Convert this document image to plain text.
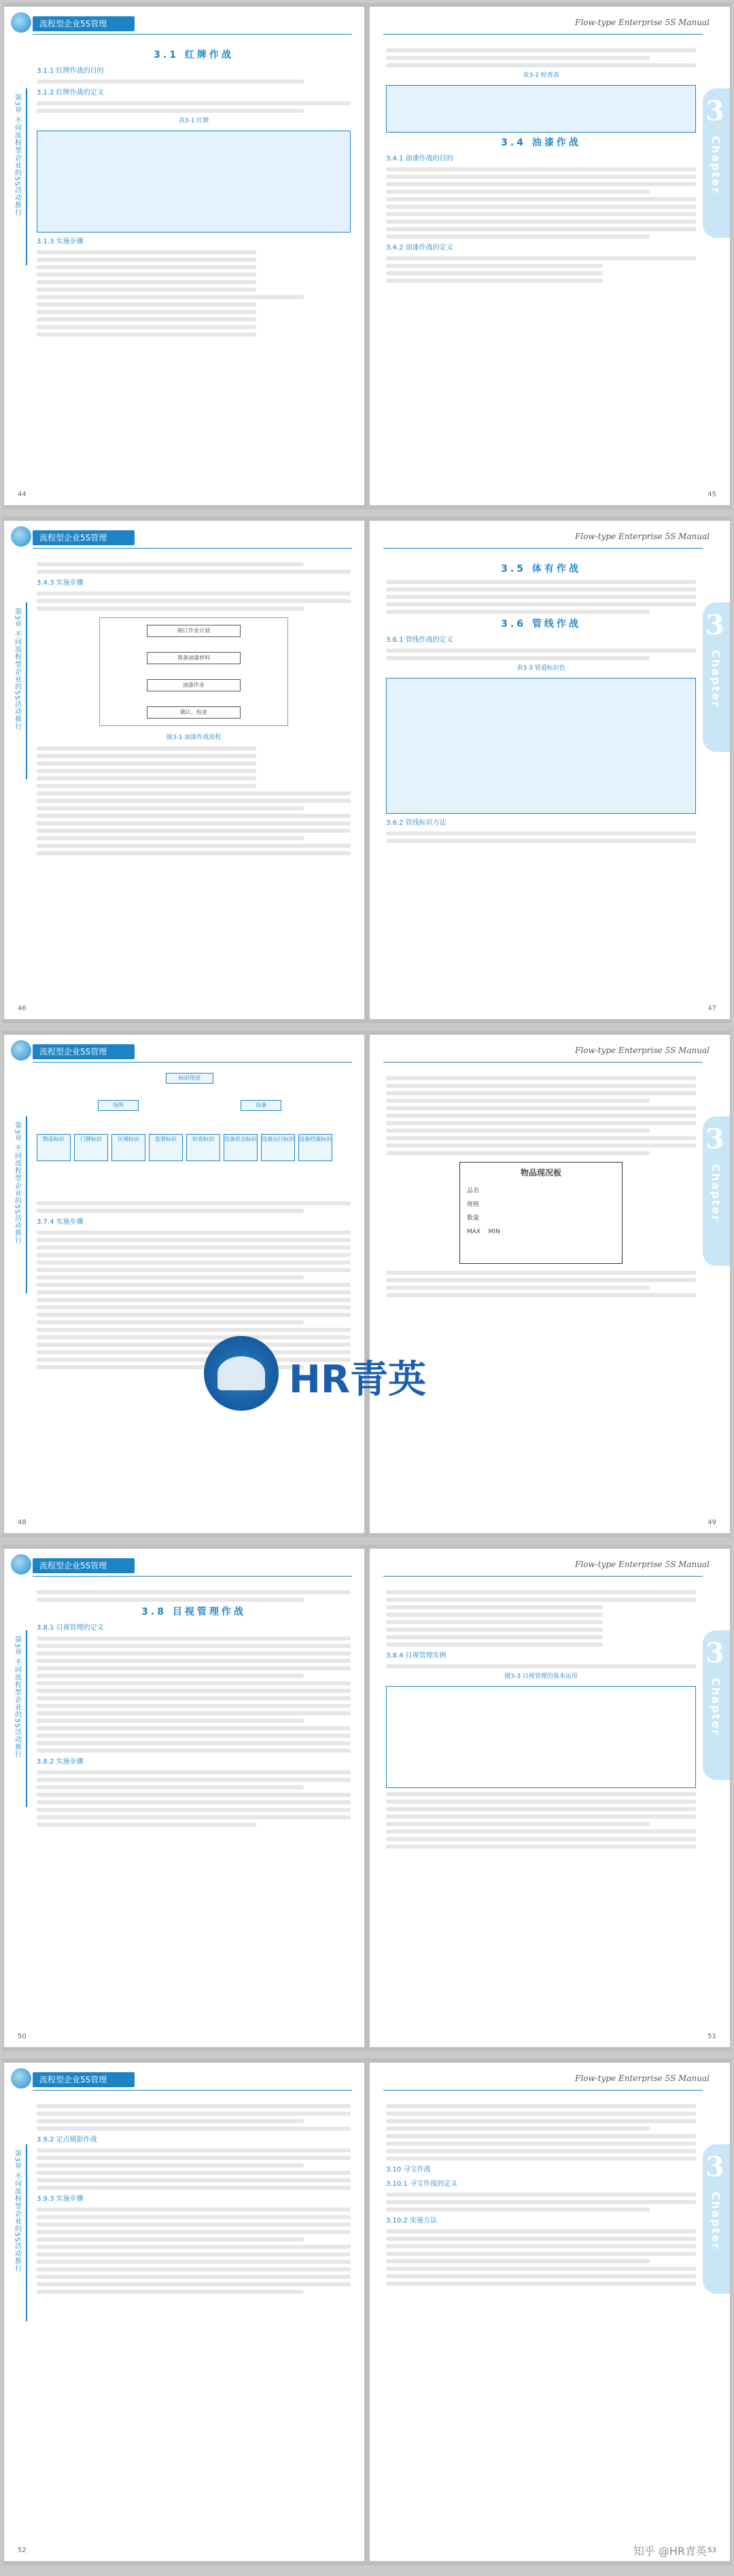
流程型企业5S管理
第3章 不同流程型企业的5S活动推行
3.1 红牌作战
3.1.1 红牌作战的目的
3.1.2 红牌作战的定义
表3-1 红牌
3.1.3 实施步骤
44
Flow-type Enterprise 5S Manual
3
Chapter
表3-2 检查表
3.4 油漆作战
3.4.1 油漆作战的目的
3.4.2 油漆作战的定义
45
流程型企业5S管理
第3章 不同流程型企业的5S活动推行
3.4.3 实施步骤
制订作业计划
准备油漆材料
油漆作业
确认、检查
图3-1 油漆作战流程
46
Flow-type Enterprise 5S Manual
3
Chapter
3.5 体有作战
3.6 管线作战
3.6.1 管线作战的定义
表3-3 管道标识色
3.6.2 管线标识方法
47
流程型企业5S管理
第3章 不同流程型企业的5S活动推行
标识用途
场所	设备
物品标识	门牌标识	区域标识	监督标识	检查标识	设备状态标识 设备运行标识 设备档案标识
3.7.4 实施步骤
48
Flow-type Enterprise 5S Manual
3
Chapter
物品现况板
品名
规格
数量
MAX MIN
49
HR青英
流程型企业5S管理
第3章 不同流程型企业的5S活动推行
3.8 目视管理作战
3.8.1 目视管理的定义
3.8.2 实施步骤
50
Flow-type Enterprise 5S Manual
3
Chapter
3.8.4 目视管理实例
图3-3 目视管理的基本运用
51
流程型企业5S管理
第3章 不同流程型企业的5S活动推行
3.9.2 定点摄影作战
3.9.3 实施步骤
52
Flow-type Enterprise 5S Manual
3
Chapter
3.10 寻宝作战
3.10.1 寻宝作战的定义
3.10.2 实施方法
53
知乎 @HR青英
